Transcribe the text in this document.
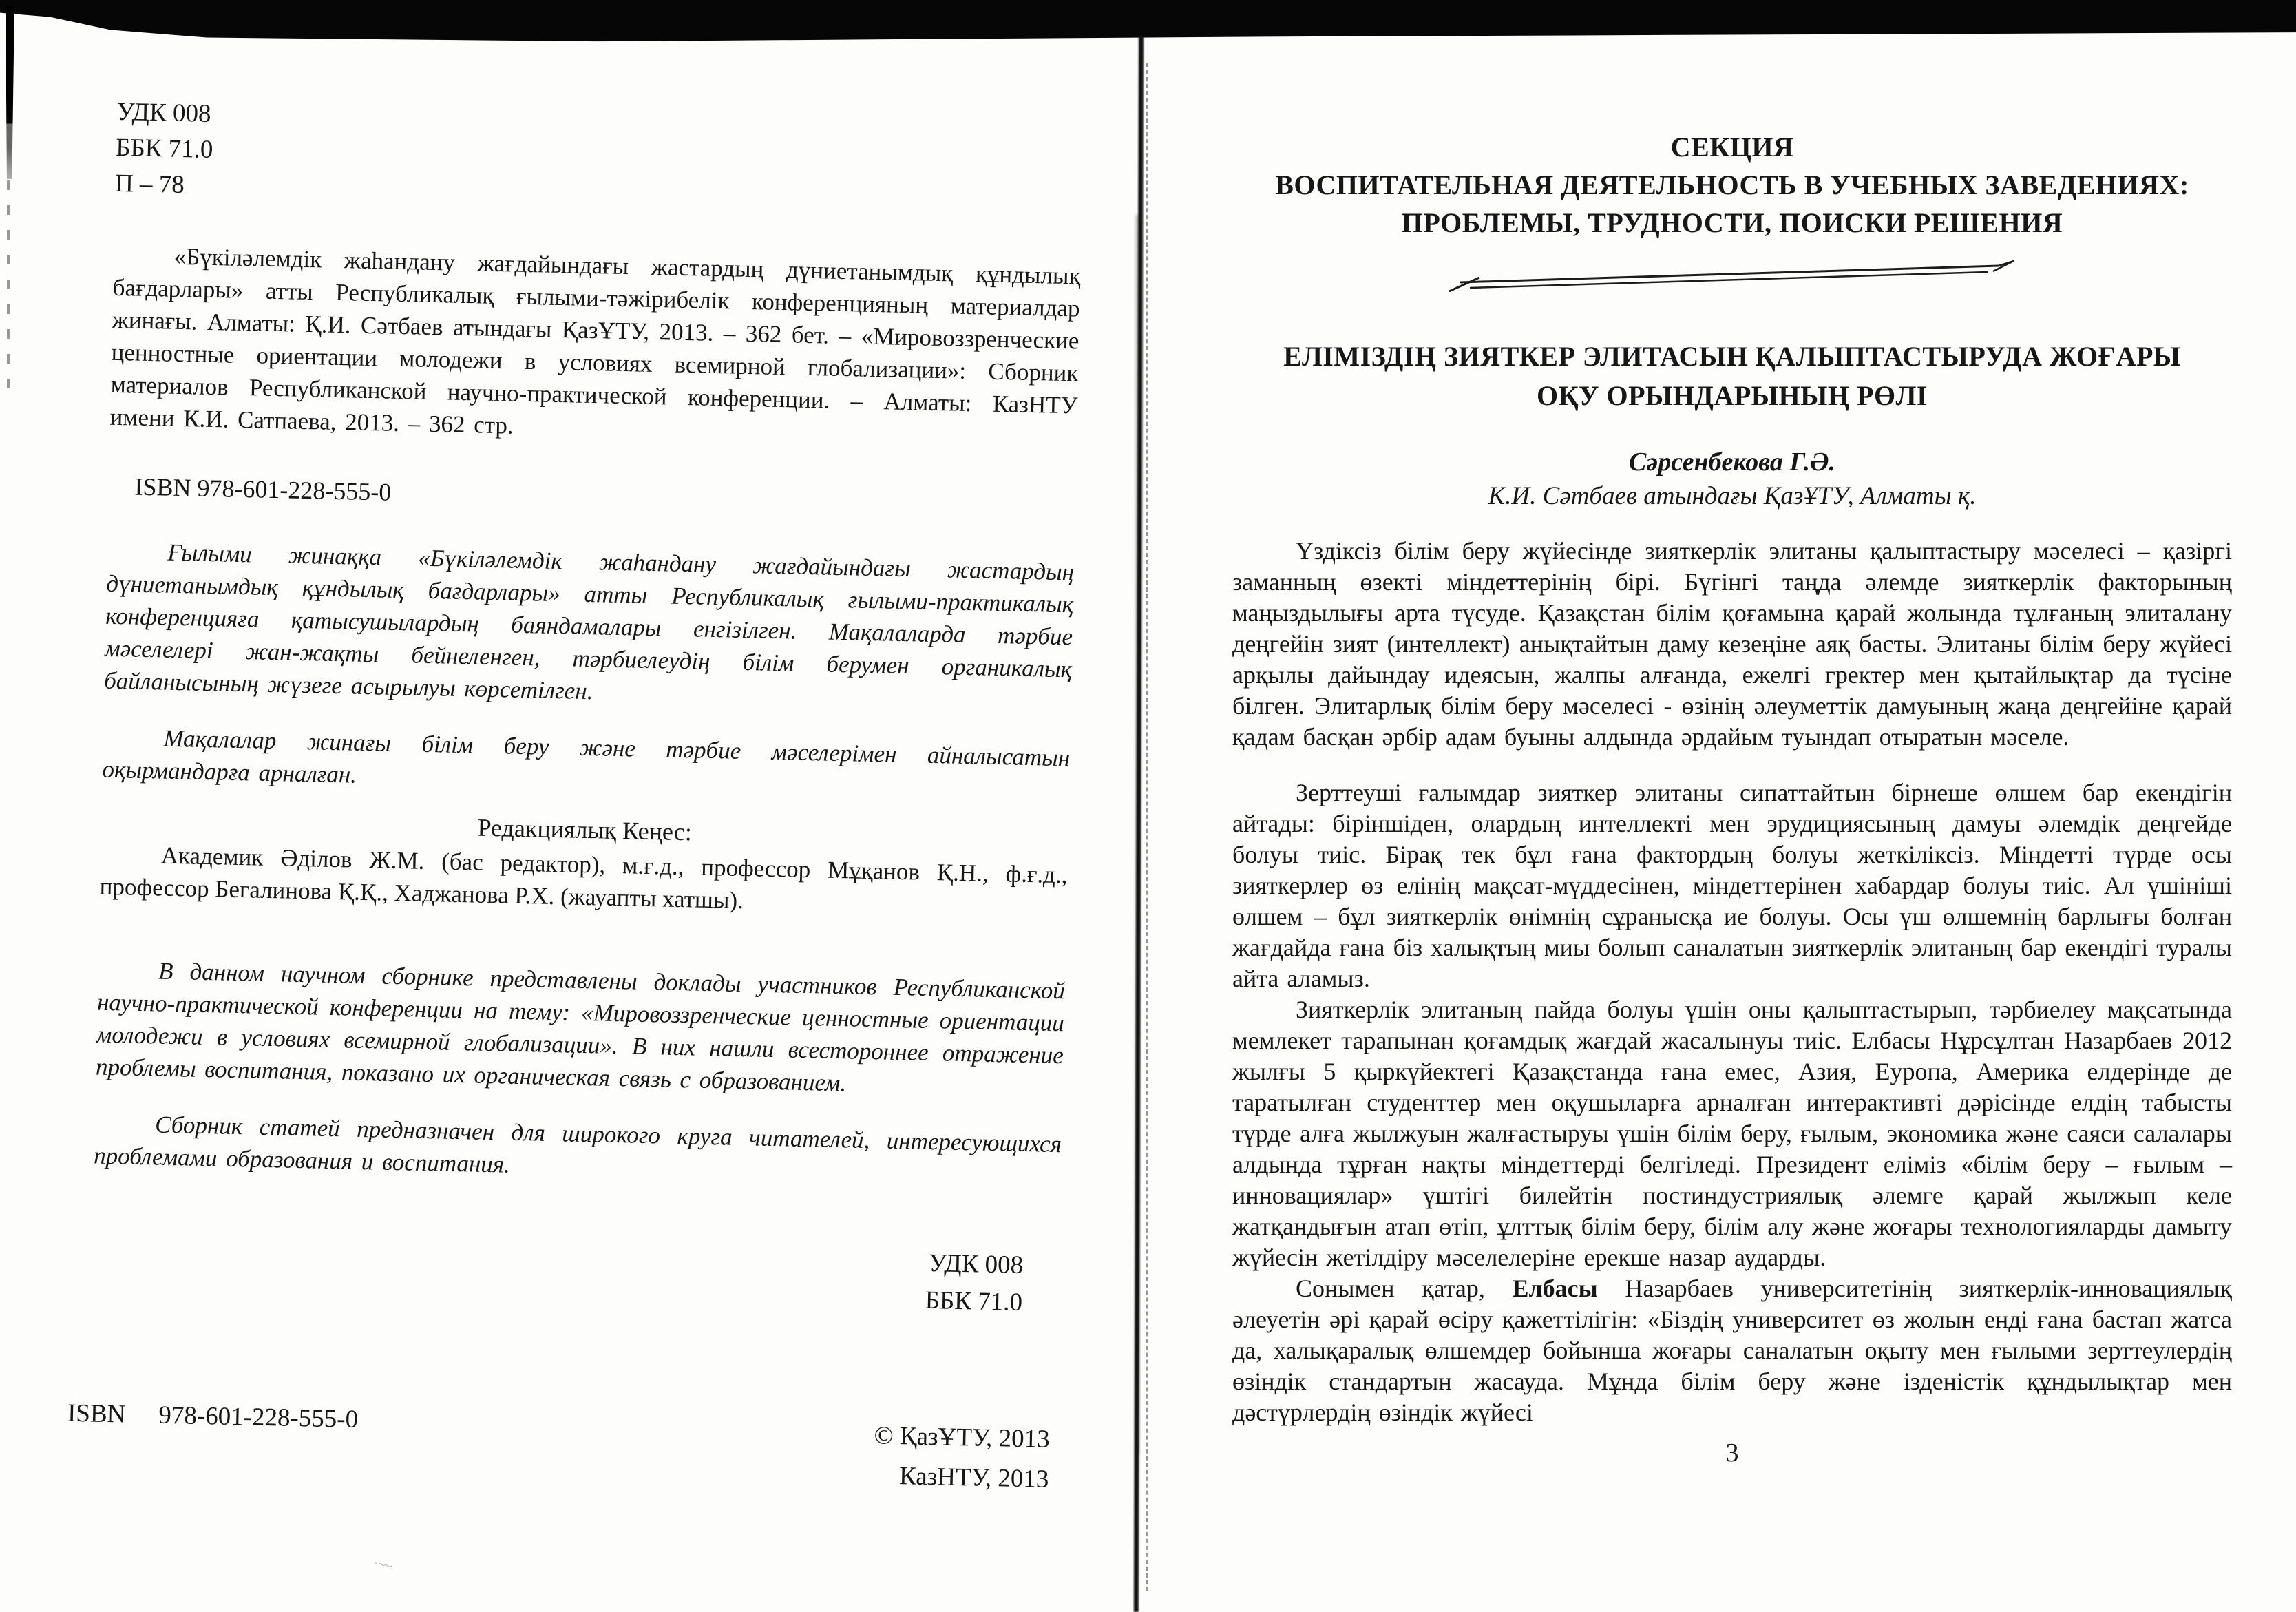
﹏
УДК 008
ББК 71.0
П – 78

«Бүкіләлемдік жаһандану жағдайындағы жастардың дүниетанымдық құндылық бағдарлары» атты Республикалық ғылыми-тәжірибелік конференцияның материалдар жинағы. Алматы: Қ.И. Сәтбаев атындағы ҚазҰТУ, 2013. – 362 бет. – «Мировоззренческие ценностные ориентации молодежи в условиях всемирной глобализации»: Сборник материалов Республиканской научно-практической конференции. – Алматы: КазНТУ имени К.И. Сатпаева, 2013. – 362 стр.

ISBN 978-601-228-555-0

Ғылыми жинаққа «Бүкіләлемдік жаһандану жағдайындағы жастардың дүниетанымдық құндылық бағдарлары» атты Республикалық ғылыми-практикалық конференцияға қатысушылардың баяндамалары енгізілген. Мақалаларда тәрбие мәселелері жан-жақты бейнеленген, тәрбиелеудің білім берумен органикалық байланысының жүзеге асырылуы көрсетілген.

Мақалалар жинағы білім беру және тәрбие мәселерімен айналысатын оқырмандарға арналған.

Редакциялық Кеңес:

Академик Әділов Ж.М. (бас редактор), м.ғ.д., профессор Мұқанов Қ.Н., ф.ғ.д., профессор Бегалинова Қ.Қ., Хаджанова Р.Х. (жауапты хатшы).

В данном научном сборнике представлены доклады участников Республиканской научно-практической конференции на тему: «Мировоззренческие ценностные ориентации молодежи в условиях всемирной глобализации». В них нашли всестороннее отражение проблемы воспитания, показано их органическая связь с образованием.

Сборник статей предназначен для широкого круга читателей, интересующихся проблемами образования и воспитания.

УДК 008
ББК 71.0
ISBN 978-601-228-555-0
© ҚазҰТУ, 2013
КазНТУ, 2013
СЕКЦИЯ
ВОСПИТАТЕЛЬНАЯ ДЕЯТЕЛЬНОСТЬ В УЧЕБНЫХ ЗАВЕДЕНИЯХ:
ПРОБЛЕМЫ, ТРУДНОСТИ, ПОИСКИ РЕШЕНИЯ
ЕЛІМІЗДІҢ ЗИЯТКЕР ЭЛИТАСЫН ҚАЛЫПТАСТЫРУДА ЖОҒАРЫ
ОҚУ ОРЫНДАРЫНЫҢ РӨЛІ
Сәрсенбекова Г.Ә.
К.И. Сәтбаев атындағы ҚазҰТУ, Алматы қ.

Үздіксіз білім беру жүйесінде зияткерлік элитаны қалыптастыру мәселесі – қазіргі заманның өзекті міндеттерінің бірі. Бүгінгі таңда әлемде зияткерлік факторының маңыздылығы арта түсуде. Қазақстан білім қоғамына қарай жолында тұлғаның элиталану деңгейін зият (интеллект) анықтайтын даму кезеңіне аяқ басты. Элитаны білім беру жүйесі арқылы дайындау идеясын, жалпы алғанда, ежелгі гректер мен қытайлықтар да түсіне білген. Элитарлық білім беру мәселесі - өзінің әлеуметтік дамуының жаңа деңгейіне қарай қадам басқан әрбір адам буыны алдында әрдайым туындап отыратын мәселе.

Зерттеуші ғалымдар зияткер элитаны сипаттайтын бірнеше өлшем бар екендігін айтады: біріншіден, олардың интеллекті мен эрудициясының дамуы әлемдік деңгейде болуы тиіс. Бірақ тек бұл ғана фактордың болуы жеткіліксіз. Міндетті түрде осы зияткерлер өз елінің мақсат-мүддесінен, міндеттерінен хабардар болуы тиіс. Ал үшініші өлшем – бұл зияткерлік өнімнің сұранысқа ие болуы. Осы үш өлшемнің барлығы болған жағдайда ғана біз халықтың миы болып саналатын зияткерлік элитаның бар екендігі туралы айта аламыз.

Зияткерлік элитаның пайда болуы үшін оны қалыптастырып, тәрбиелеу мақсатында мемлекет тарапынан қоғамдық жағдай жасалынуы тиіс. Елбасы Нұрсұлтан Назарбаев 2012 жылғы 5 қыркүйектегі Қазақстанда ғана емес, Азия, Еуропа, Америка елдерінде де таратылған студенттер мен оқушыларға арналған интерактивті дәрісінде елдің табысты түрде алға жылжуын жалғастыруы үшін білім беру, ғылым, экономика және саяси салалары алдында тұрған нақты міндеттерді белгіледі. Президент еліміз «білім беру – ғылым – инновациялар» үштігі билейтін постиндустриялық әлемге қарай жылжып келе жатқандығын атап өтіп, ұлттық білім беру, білім алу және жоғары технологияларды дамыту жүйесін жетілдіру мәселелеріне ерекше назар аударды.

Сонымен қатар, Елбасы Назарбаев университетінің зияткерлік-инновациялық әлеуетін әрі қарай өсіру қажеттілігін: «Біздің университет өз жолын енді ғана бастап жатса да, халықаралық өлшемдер бойынша жоғары саналатын оқыту мен ғылыми зерттеулердің өзіндік стандартын жасауда. Мұнда білім беру және ізденістік құндылықтар мен дәстүрлердің өзіндік жүйесі

3
